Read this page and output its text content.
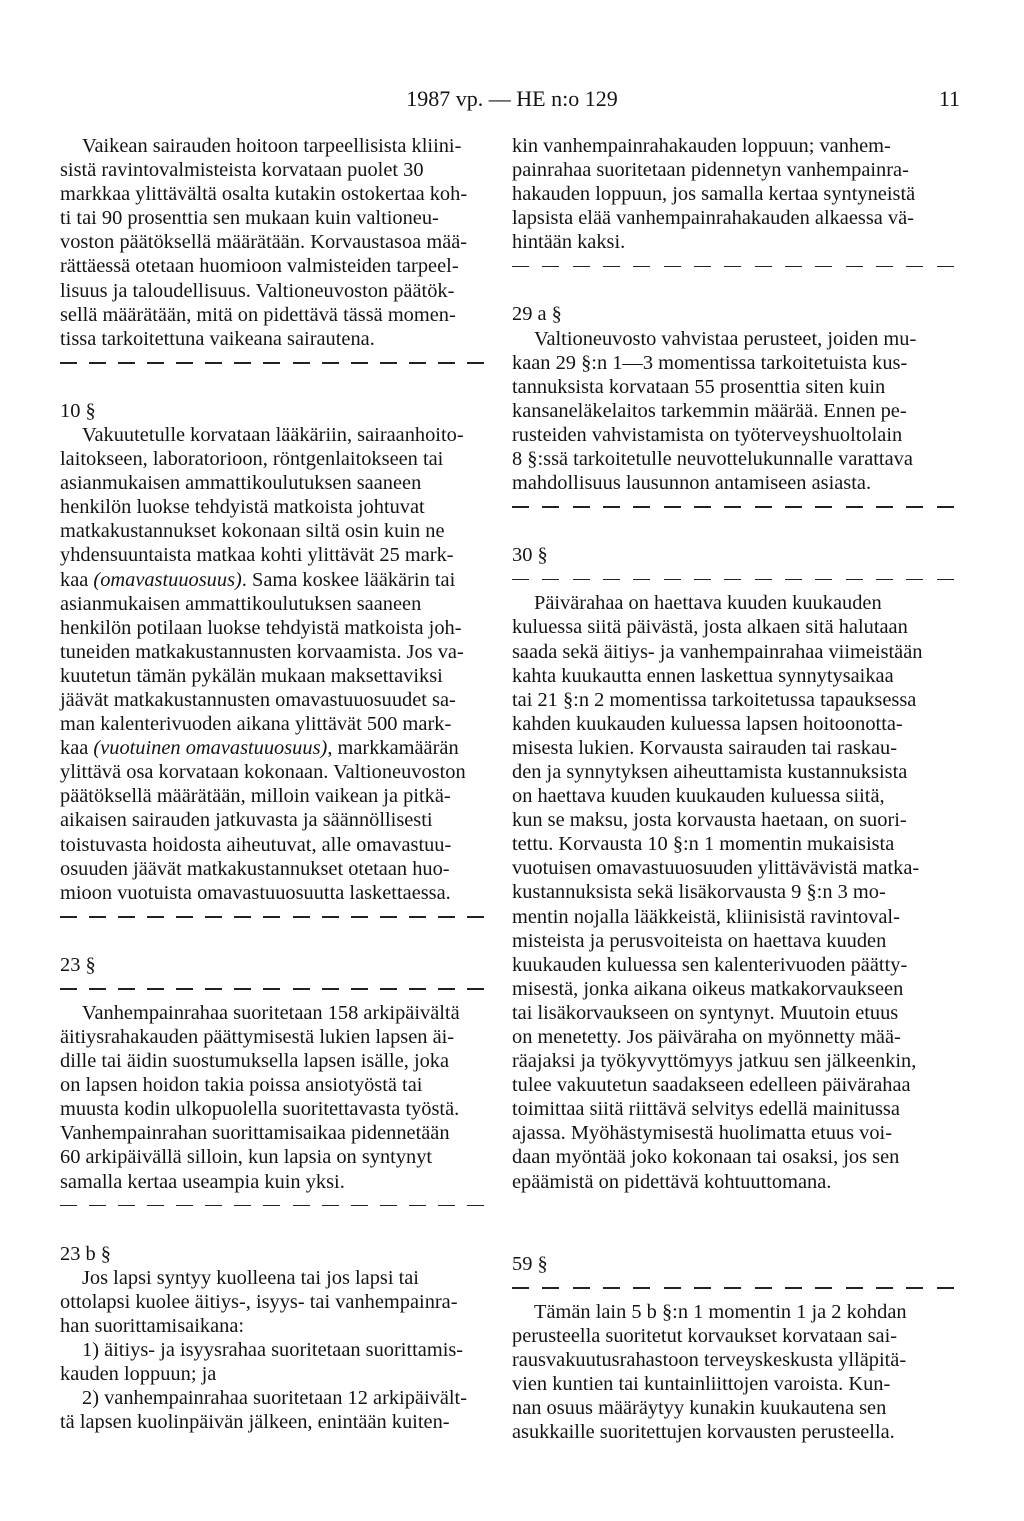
1987 vp. — HE n:o 129	11

Vaikean sairauden hoitoon tarpeellisista kliini-
sistä ravintovalmisteista korvataan puolet 30
markkaa ylittävältä osalta kutakin ostokertaa koh-
ti tai 90 prosenttia sen mukaan kuin valtioneu-
voston päätöksellä määrätään. Korvaustasoa mää-
rättäessä otetaan huomioon valmisteiden tarpeel-
lisuus ja taloudellisuus. Valtioneuvoston päätök-
sellä määrätään, mitä on pidettävä tässä momen-
tissa tarkoitettuna vaikeana sairautena.

10 §

Vakuutetulle korvataan lääkäriin, sairaanhoito-
laitokseen, laboratorioon, röntgenlaitokseen tai
asianmukaisen ammattikoulutuksen saaneen
henkilön luokse tehdyistä matkoista johtuvat
matkakustannukset kokonaan siltä osin kuin ne
yhdensuuntaista matkaa kohti ylittävät 25 mark-
kaa (omavastuuosuus). Sama koskee lääkärin tai
asianmukaisen ammattikoulutuksen saaneen
henkilön potilaan luokse tehdyistä matkoista joh-
tuneiden matkakustannusten korvaamista. Jos va-
kuutetun tämän pykälän mukaan maksettaviksi
jäävät matkakustannusten omavastuuosuudet sa-
man kalenterivuoden aikana ylittävät 500 mark-
kaa (vuotuinen omavastuuosuus), markkamäärän
ylittävä osa korvataan kokonaan. Valtioneuvoston
päätöksellä määrätään, milloin vaikean ja pitkä-
aikaisen sairauden jatkuvasta ja säännöllisesti
toistuvasta hoidosta aiheutuvat, alle omavastuu-
osuuden jäävät matkakustannukset otetaan huo-
mioon vuotuista omavastuuosuutta laskettaessa.

23 §

Vanhempainrahaa suoritetaan 158 arkipäivältä
äitiysrahakauden päättymisestä lukien lapsen äi-
dille tai äidin suostumuksella lapsen isälle, joka
on lapsen hoidon takia poissa ansiotyöstä tai
muusta kodin ulkopuolella suoritettavasta työstä.
Vanhempainrahan suorittamisaikaa pidennetään
60 arkipäivällä silloin, kun lapsia on syntynyt
samalla kertaa useampia kuin yksi.

23 b §

Jos lapsi syntyy kuolleena tai jos lapsi tai
ottolapsi kuolee äitiys-, isyys- tai vanhempainra-
han suorittamisaikana:
1) äitiys- ja isyysrahaa suoritetaan suorittamis-
kauden loppuun; ja
2) vanhempainrahaa suoritetaan 12 arkipäivält-
tä lapsen kuolinpäivän jälkeen, enintään kuiten-

kin vanhempainrahakauden loppuun; vanhem-
painrahaa suoritetaan pidennetyn vanhempainra-
hakauden loppuun, jos samalla kertaa syntyneistä
lapsista elää vanhempainrahakauden alkaessa vä-
hintään kaksi.

29 a §

Valtioneuvosto vahvistaa perusteet, joiden mu-
kaan 29 §:n 1—3 momentissa tarkoitetuista kus-
tannuksista korvataan 55 prosenttia siten kuin
kansaneläkelaitos tarkemmin määrää. Ennen pe-
rusteiden vahvistamista on työterveyshuoltolain
8 §:ssä tarkoitetulle neuvottelukunnalle varattava
mahdollisuus lausunnon antamiseen asiasta.

30 §

Päivärahaa on haettava kuuden kuukauden
kuluessa siitä päivästä, josta alkaen sitä halutaan
saada sekä äitiys- ja vanhempainrahaa viimeistään
kahta kuukautta ennen laskettua synnytysaikaa
tai 21 §:n 2 momentissa tarkoitetussa tapauksessa
kahden kuukauden kuluessa lapsen hoitoonotta-
misesta lukien. Korvausta sairauden tai raskau-
den ja synnytyksen aiheuttamista kustannuksista
on haettava kuuden kuukauden kuluessa siitä,
kun se maksu, josta korvausta haetaan, on suori-
tettu. Korvausta 10 §:n 1 momentin mukaisista
vuotuisen omavastuuosuuden ylittävävistä matka-
kustannuksista sekä lisäkorvausta 9 §:n 3 mo-
mentin nojalla lääkkeistä, kliinisistä ravintoval-
misteista ja perusvoiteista on haettava kuuden
kuukauden kuluessa sen kalenterivuoden päätty-
misestä, jonka aikana oikeus matkakorvaukseen
tai lisäkorvaukseen on syntynyt. Muutoin etuus
on menetetty. Jos päiväraha on myönnetty mää-
räajaksi ja työkyvyttömyys jatkuu sen jälkeenkin,
tulee vakuutetun saadakseen edelleen päivärahaa
toimittaa siitä riittävä selvitys edellä mainitussa
ajassa. Myöhästymisestä huolimatta etuus voi-
daan myöntää joko kokonaan tai osaksi, jos sen
epäämistä on pidettävä kohtuuttomana.

59 §

Tämän lain 5 b §:n 1 momentin 1 ja 2 kohdan
perusteella suoritetut korvaukset korvataan sai-
rausvakuutusrahastoon terveyskeskusta ylläpitä-
vien kuntien tai kuntainliittojen varoista. Kun-
nan osuus määräytyy kunakin kuukautena sen
asukkaille suoritettujen korvausten perusteella.
